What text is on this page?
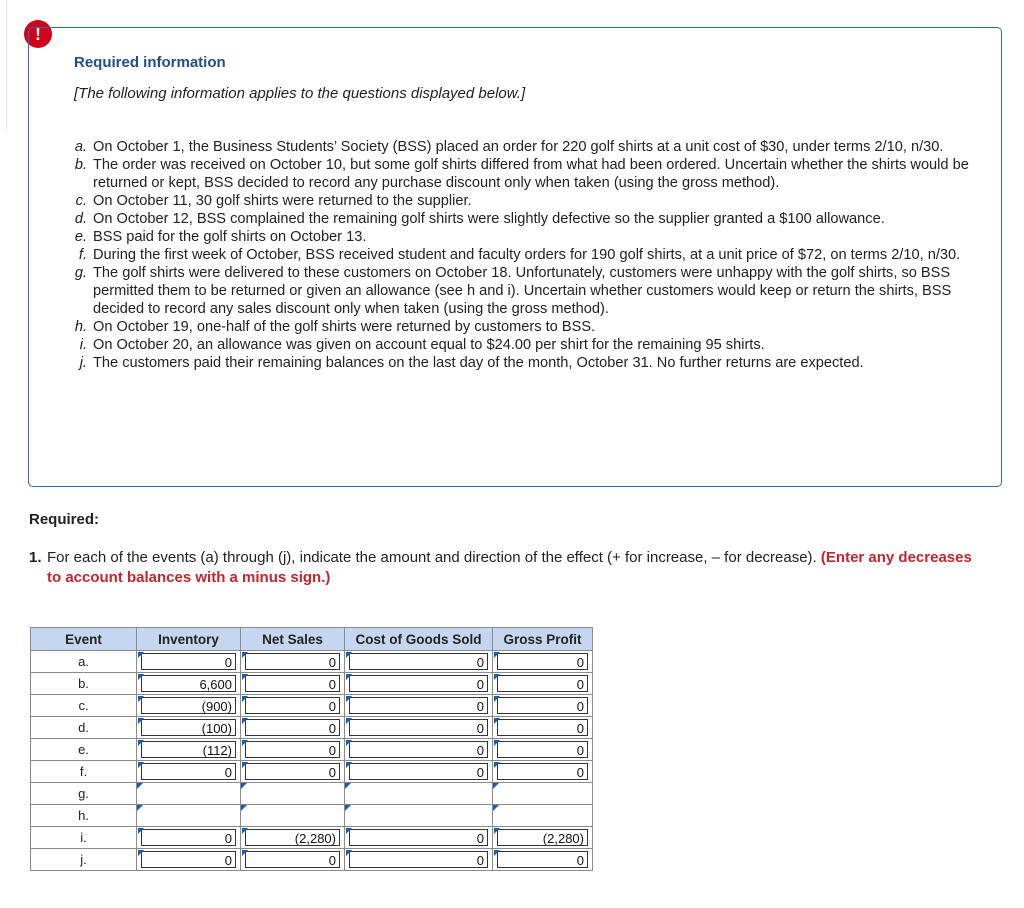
!
Required information
[The following information applies to the questions displayed below.]
a. On October 1, the Business Students’ Society (BSS) placed an order for 220 golf shirts at a unit cost of $30, under terms 2/10, n/30.
b. The order was received on October 10, but some golf shirts differed from what had been ordered. Uncertain whether the shirts would be returned or kept, BSS decided to record any purchase discount only when taken (using the gross method).
c. On October 11, 30 golf shirts were returned to the supplier.
d. On October 12, BSS complained the remaining golf shirts were slightly defective so the supplier granted a $100 allowance.
e. BSS paid for the golf shirts on October 13.
f. During the first week of October, BSS received student and faculty orders for 190 golf shirts, at a unit price of $72, on terms 2/10, n/30.
g. The golf shirts were delivered to these customers on October 18. Unfortunately, customers were unhappy with the golf shirts, so BSS permitted them to be returned or given an allowance (see h and i). Uncertain whether customers would keep or return the shirts, BSS decided to record any sales discount only when taken (using the gross method).
h. On October 19, one-half of the golf shirts were returned by customers to BSS.
i. On October 20, an allowance was given on account equal to $24.00 per shirt for the remaining 95 shirts.
j. The customers paid their remaining balances on the last day of the month, October 31. No further returns are expected.
Required:
1. For each of the events (a) through (j), indicate the amount and direction of the effect (+ for increase, – for decrease). (Enter any decreases to account balances with a minus sign.)
Event	Inventory	Net Sales	Cost of Goods Sold	Gross Profit
a.	0	0	0	0

b.	6,600	0	0	0

c.	(900)	0	0	0

d.	(100)	0	0	0

e.	(112)	0	0	0

f.	0	0	0	0

g.	

h.	

i.	0	(2,280)	0	(2,280)

j.	0	0	0	0
